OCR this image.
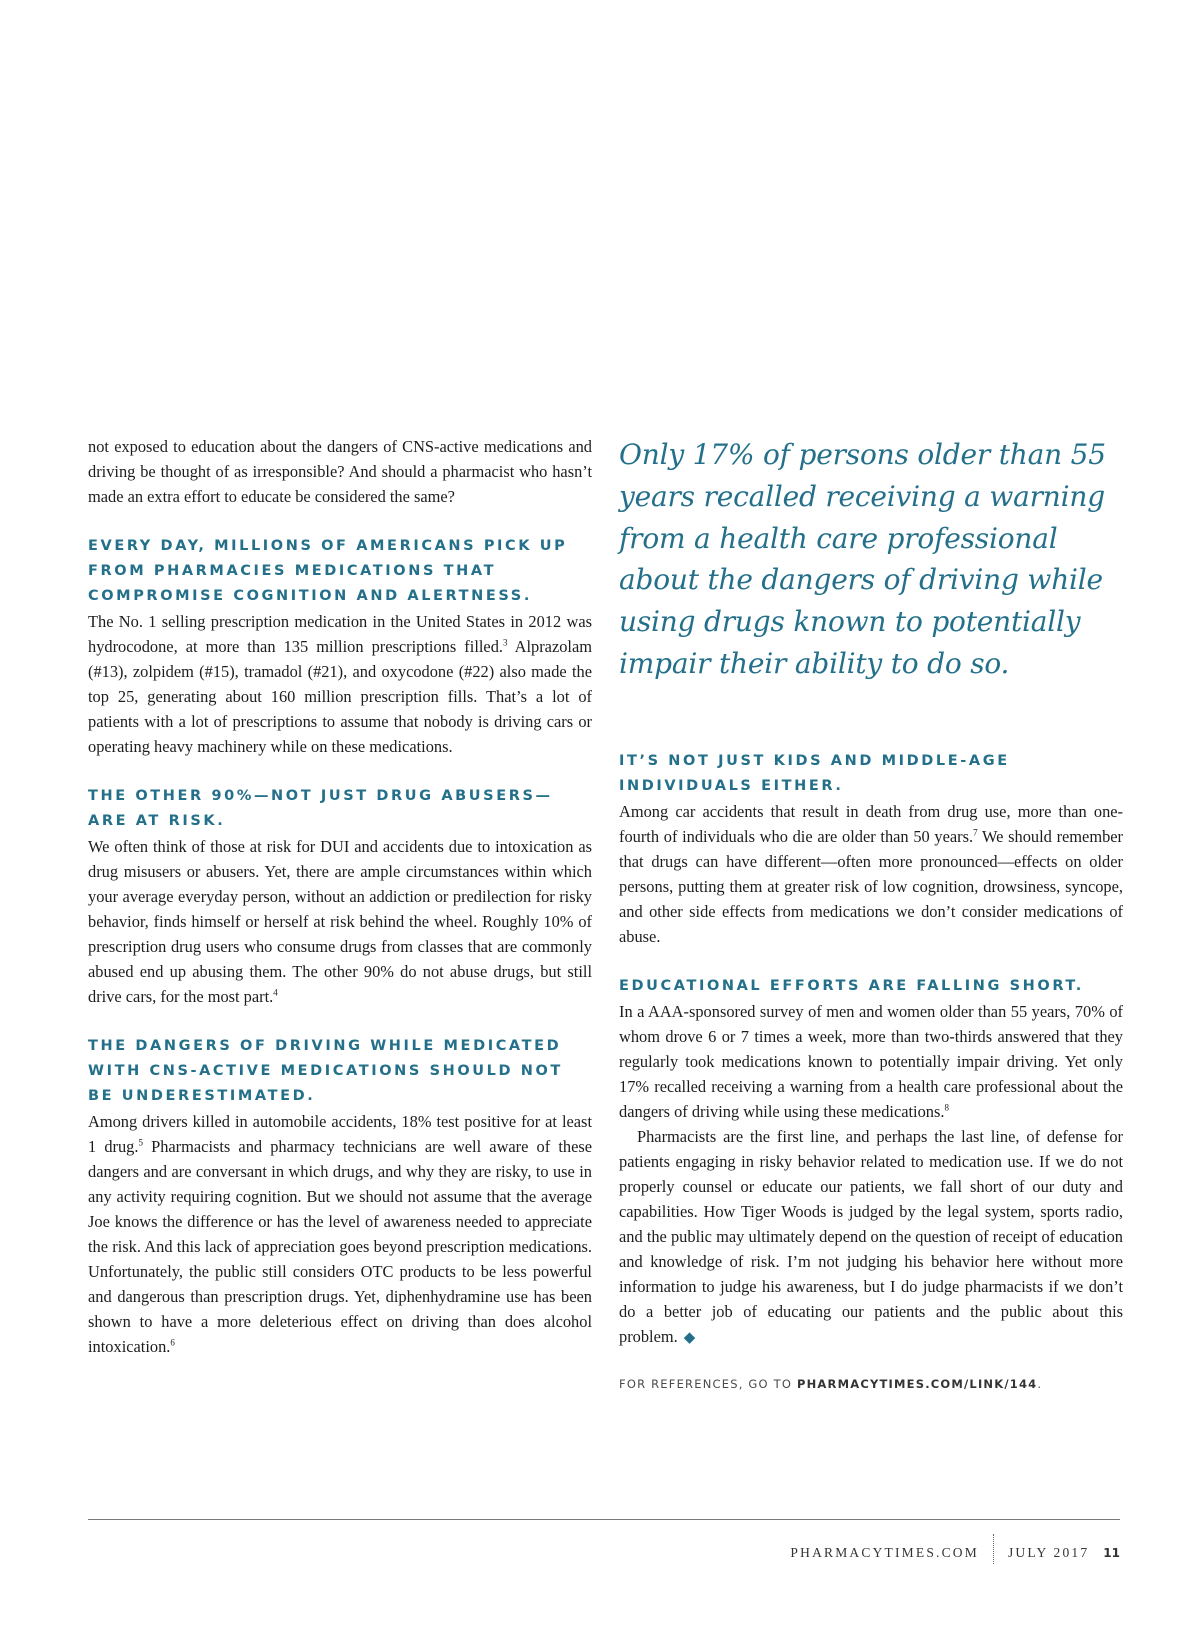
not exposed to education about the dangers of CNS-active medications and driving be thought of as irresponsible? And should a pharmacist who hasn’t made an extra effort to educate be considered the same?

EVERY DAY, MILLIONS OF AMERICANS PICK UP FROM PHARMACIES MEDICATIONS THAT COMPROMISE COGNITION AND ALERTNESS.

The No. 1 selling prescription medication in the United States in 2012 was hydrocodone, at more than 135 million prescriptions filled.$^3$ Alprazolam (#13), zolpidem (#15), tramadol (#21), and oxycodone (#22) also made the top 25, generating about 160 million prescription fills. That’s a lot of patients with a lot of prescriptions to assume that nobody is driving cars or operating heavy machinery while on these medications.

THE OTHER 90%—NOT JUST DRUG ABUSERS—ARE AT RISK.

We often think of those at risk for DUI and accidents due to intoxication as drug misusers or abusers. Yet, there are ample circumstances within which your average everyday person, without an addiction or predilection for risky behavior, finds himself or herself at risk behind the wheel. Roughly 10% of prescription drug users who consume drugs from classes that are commonly abused end up abusing them. The other 90% do not abuse drugs, but still drive cars, for the most part.$^4$

THE DANGERS OF DRIVING WHILE MEDICATED WITH CNS-ACTIVE MEDICATIONS SHOULD NOT BE UNDERESTIMATED.

Among drivers killed in automobile accidents, 18% test positive for at least 1 drug.$^5$ Pharmacists and pharmacy technicians are well aware of these dangers and are conversant in which drugs, and why they are risky, to use in any activity requiring cognition. But we should not assume that the average Joe knows the difference or has the level of awareness needed to appreciate the risk. And this lack of appreciation goes beyond prescription medications. Unfortunately, the public still considers OTC products to be less powerful and dangerous than prescription drugs. Yet, diphenhydramine use has been shown to have a more deleterious effect on driving than does alcohol intoxication.$^6$

Only 17% of persons older than 55 years recalled receiving a warning from a health care professional about the dangers of driving while using drugs known to potentially impair their ability to do so.

IT’S NOT JUST KIDS AND MIDDLE-AGE INDIVIDUALS EITHER.

Among car accidents that result in death from drug use, more than one-fourth of individuals who die are older than 50 years.$^7$ We should remember that drugs can have different—often more pronounced—effects on older persons, putting them at greater risk of low cognition, drowsiness, syncope, and other side effects from medications we don’t consider medications of abuse.

EDUCATIONAL EFFORTS ARE FALLING SHORT.

In a AAA-sponsored survey of men and women older than 55 years, 70% of whom drove 6 or 7 times a week, more than two-thirds answered that they regularly took medications known to potentially impair driving. Yet only 17% recalled receiving a warning from a health care professional about the dangers of driving while using these medications.$^8$

Pharmacists are the first line, and perhaps the last line, of defense for patients engaging in risky behavior related to medication use. If we do not properly counsel or educate our patients, we fall short of our duty and capabilities. How Tiger Woods is judged by the legal system, sports radio, and the public may ultimately depend on the question of receipt of education and knowledge of risk. I’m not judging his behavior here without more information to judge his awareness, but I do judge pharmacists if we don’t do a better job of educating our patients and the public about this problem. ◆

FOR REFERENCES, GO TO PHARMACYTIMES.COM/LINK/144.
PHARMACYTIMES.COM JULY 2017 11
